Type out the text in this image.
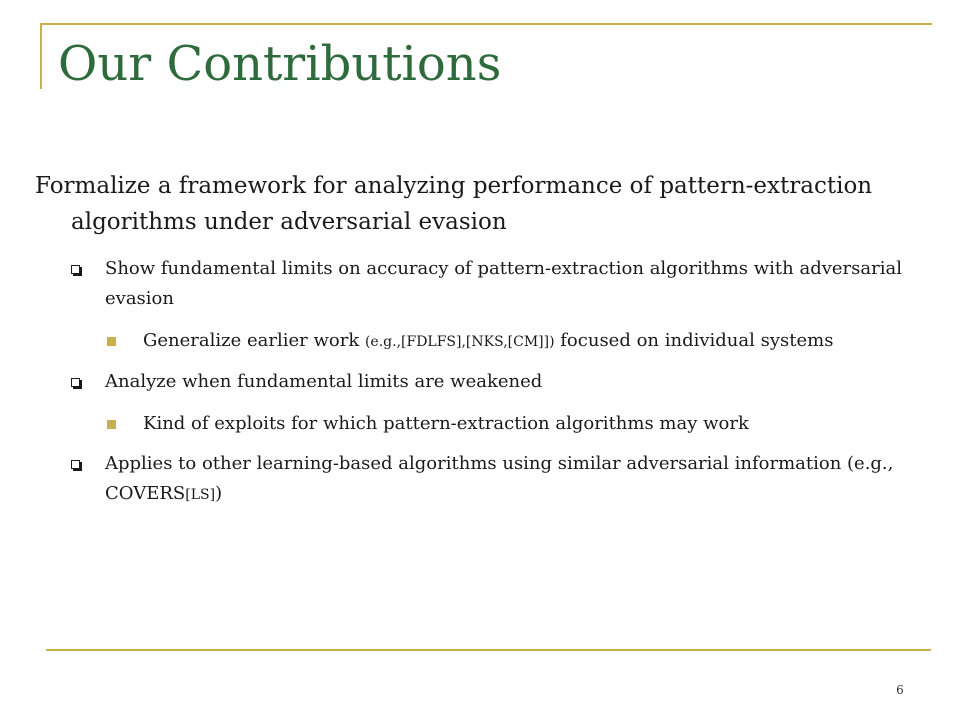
Our Contributions

Formalize a framework for analyzing performance of pattern-extraction algorithms under adversarial evasion

Show fundamental limits on accuracy of pattern-extraction algorithms with adversarial evasion
Generalize earlier work (e.g.,[FDLFS],[NKS,[CM]]) focused on individual systems
Analyze when fundamental limits are weakened
Kind of exploits for which pattern-extraction algorithms may work
Applies to other learning-based algorithms using similar adversarial information (e.g., COVERS[LS])
6
